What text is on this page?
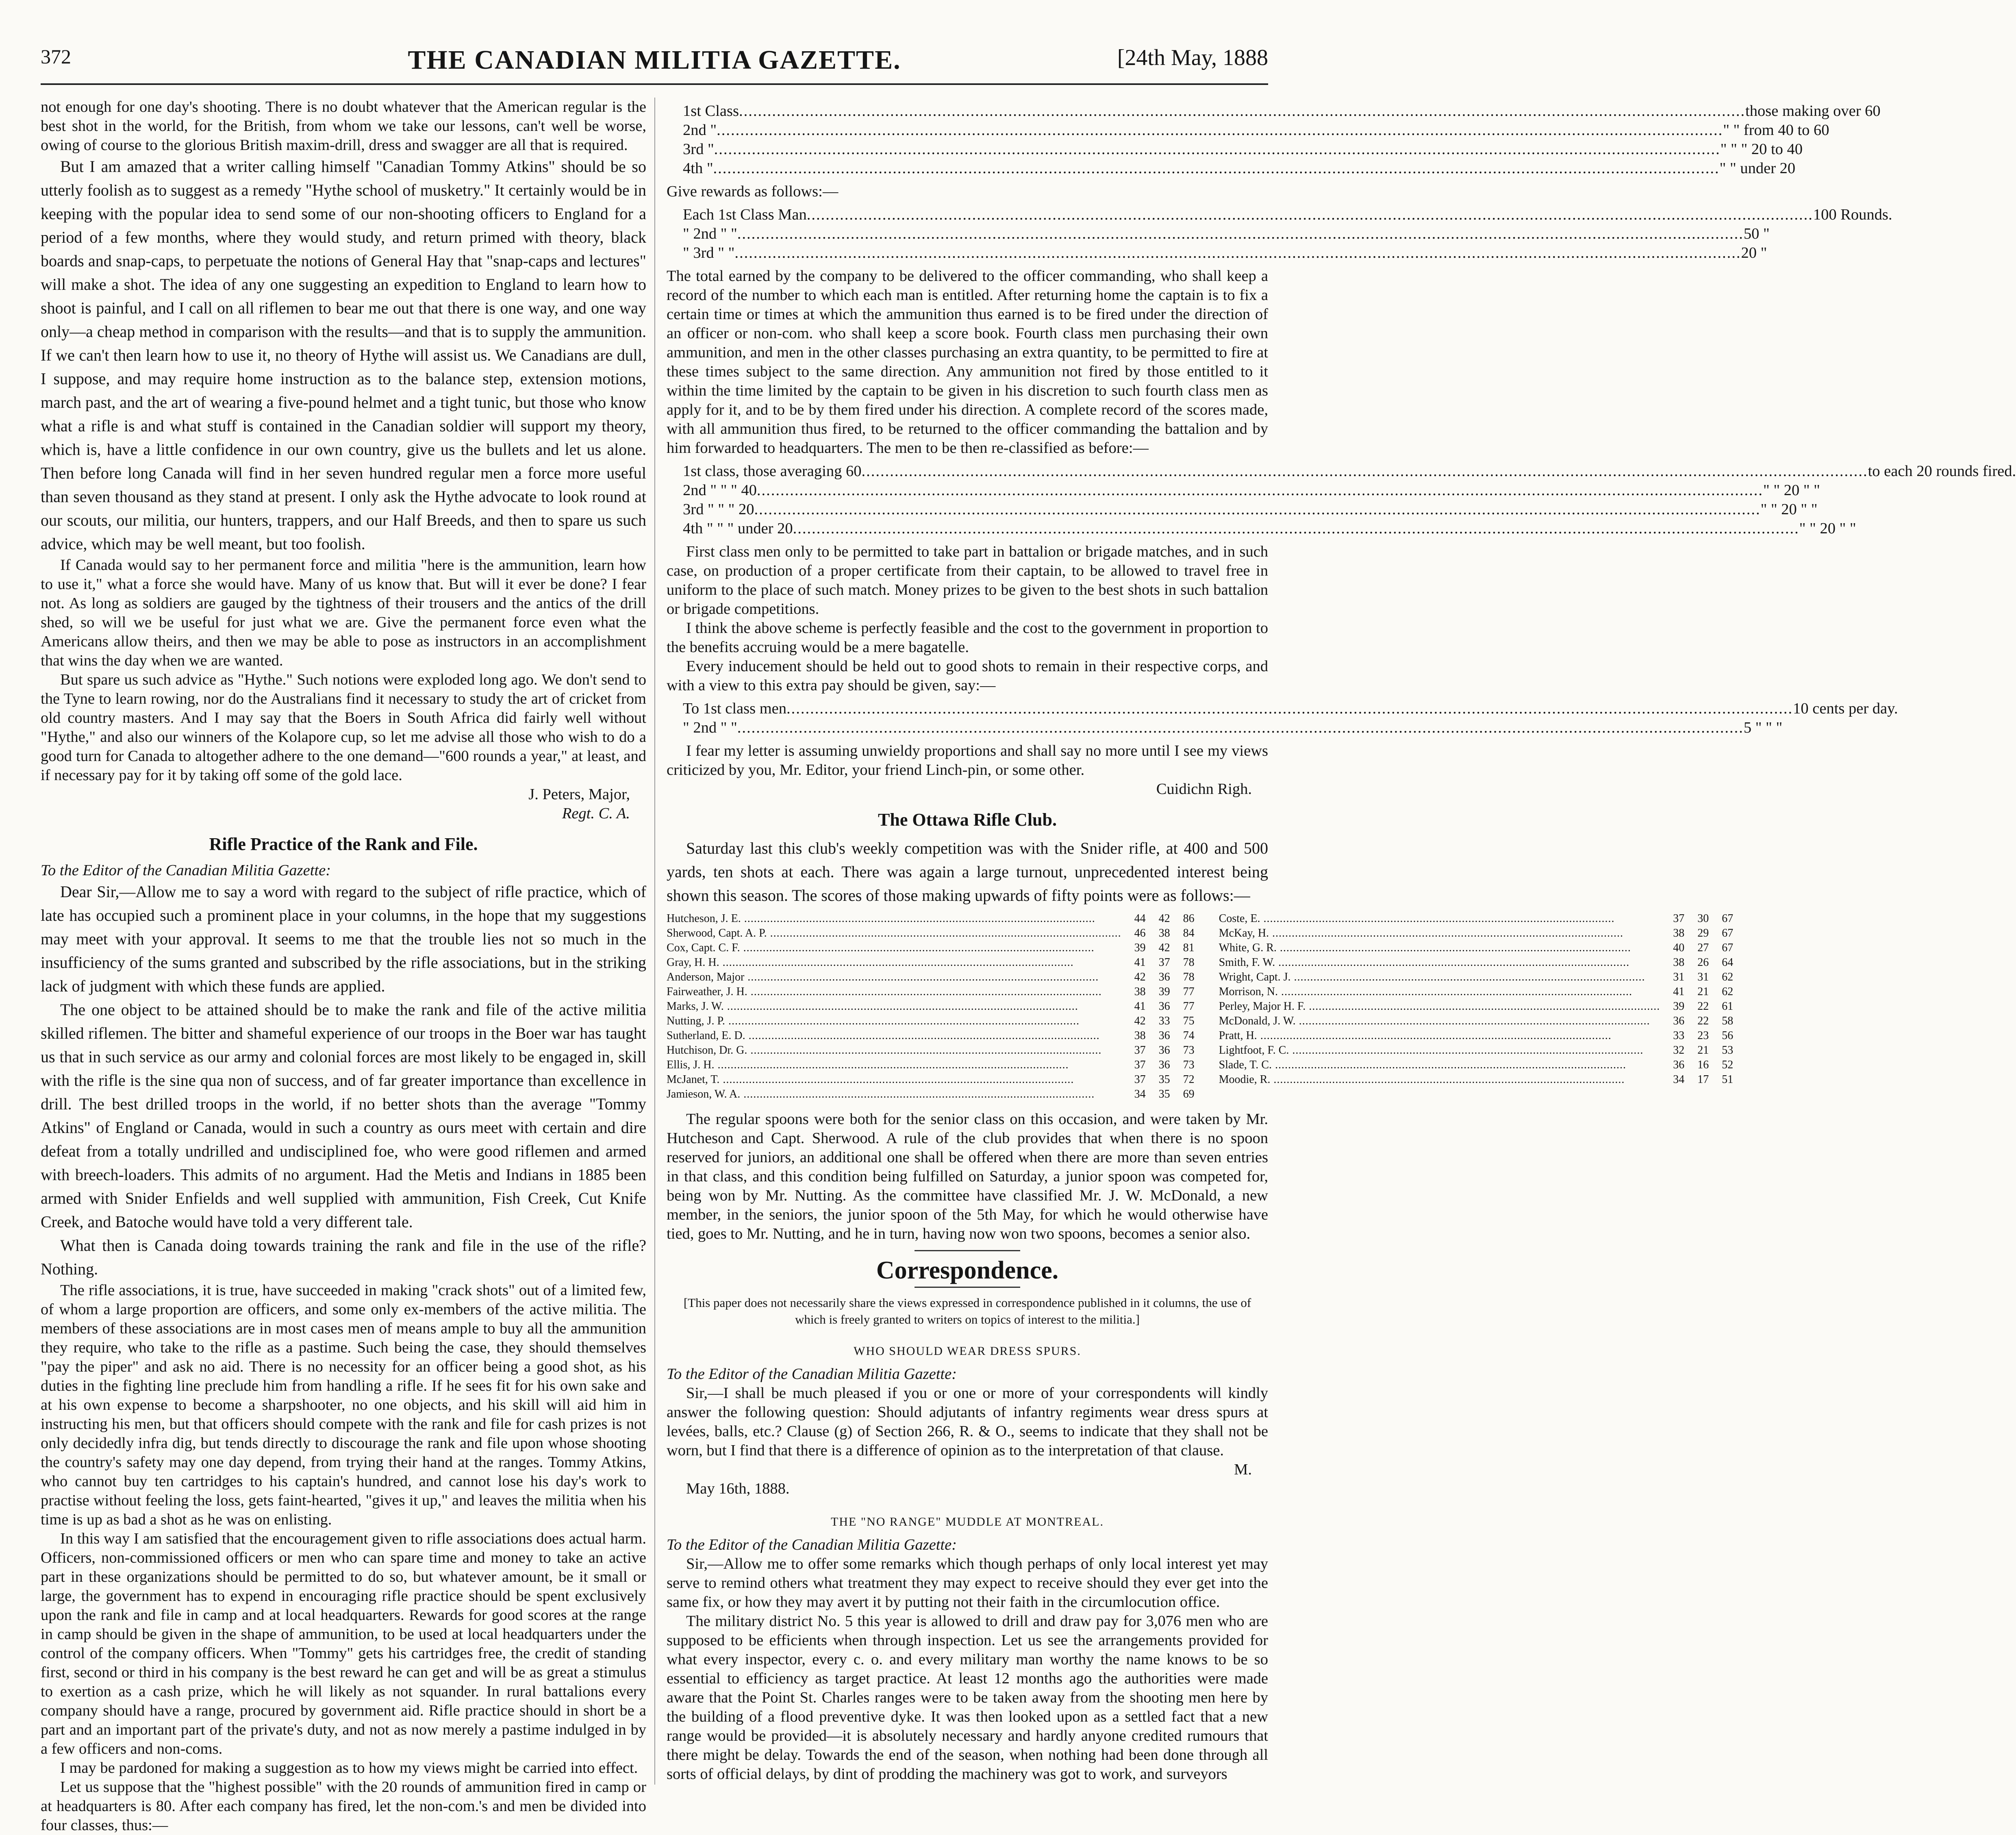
372	THE CANADIAN MILITIA GAZETTE.	[24th May, 1888

not enough for one day's shooting. There is no doubt whatever that the American regular is the best shot in the world, for the British, from whom we take our lessons, can't well be worse, owing of course to the glorious British maxim-drill, dress and swagger are all that is required.

But I am amazed that a writer calling himself "Canadian Tommy Atkins" should be so utterly foolish as to suggest as a remedy "Hythe school of musketry." It certainly would be in keeping with the popular idea to send some of our non-shooting officers to England for a period of a few months, where they would study, and return primed with theory, black boards and snap-caps, to perpetuate the notions of General Hay that "snap-caps and lectures" will make a shot. The idea of any one suggesting an expedition to England to learn how to shoot is painful, and I call on all riflemen to bear me out that there is one way, and one way only—a cheap method in comparison with the results—and that is to supply the ammunition. If we can't then learn how to use it, no theory of Hythe will assist us. We Canadians are dull, I suppose, and may require home instruction as to the balance step, extension motions, march past, and the art of wearing a five-pound helmet and a tight tunic, but those who know what a rifle is and what stuff is contained in the Canadian soldier will support my theory, which is, have a little confidence in our own country, give us the bullets and let us alone. Then before long Canada will find in her seven hundred regular men a force more useful than seven thousand as they stand at present. I only ask the Hythe advocate to look round at our scouts, our militia, our hunters, trappers, and our Half Breeds, and then to spare us such advice, which may be well meant, but too foolish.

If Canada would say to her permanent force and militia "here is the ammunition, learn how to use it," what a force she would have. Many of us know that. But will it ever be done? I fear not. As long as soldiers are gauged by the tightness of their trousers and the antics of the drill shed, so will we be useful for just what we are. Give the permanent force even what the Americans allow theirs, and then we may be able to pose as instructors in an accomplishment that wins the day when we are wanted.

But spare us such advice as "Hythe." Such notions were exploded long ago. We don't send to the Tyne to learn rowing, nor do the Australians find it necessary to study the art of cricket from old country masters. And I may say that the Boers in South Africa did fairly well without "Hythe," and also our winners of the Kolapore cup, so let me advise all those who wish to do a good turn for Canada to altogether adhere to the one demand—"600 rounds a year," at least, and if necessary pay for it by taking off some of the gold lace.

J. Peters, Major,
Regt. C. A.
Rifle Practice of the Rank and File.

To the Editor of the Canadian Militia Gazette:

Dear Sir,—Allow me to say a word with regard to the subject of rifle practice, which of late has occupied such a prominent place in your columns, in the hope that my suggestions may meet with your approval. It seems to me that the trouble lies not so much in the insufficiency of the sums granted and subscribed by the rifle associations, but in the striking lack of judgment with which these funds are applied.

The one object to be attained should be to make the rank and file of the active militia skilled riflemen. The bitter and shameful experience of our troops in the Boer war has taught us that in such service as our army and colonial forces are most likely to be engaged in, skill with the rifle is the sine qua non of success, and of far greater importance than excellence in drill. The best drilled troops in the world, if no better shots than the average "Tommy Atkins" of England or Canada, would in such a country as ours meet with certain and dire defeat from a totally undrilled and undisciplined foe, who were good riflemen and armed with breech-loaders. This admits of no argument. Had the Metis and Indians in 1885 been armed with Snider Enfields and well supplied with ammunition, Fish Creek, Cut Knife Creek, and Batoche would have told a very different tale.

What then is Canada doing towards training the rank and file in the use of the rifle? Nothing.

The rifle associations, it is true, have succeeded in making "crack shots" out of a limited few, of whom a large proportion are officers, and some only ex-members of the active militia. The members of these associations are in most cases men of means ample to buy all the ammunition they require, who take to the rifle as a pastime. Such being the case, they should themselves "pay the piper" and ask no aid. There is no necessity for an officer being a good shot, as his duties in the fighting line preclude him from handling a rifle. If he sees fit for his own sake and at his own expense to become a sharpshooter, no one objects, and his skill will aid him in instructing his men, but that officers should compete with the rank and file for cash prizes is not only decidedly infra dig, but tends directly to discourage the rank and file upon whose shooting the country's safety may one day depend, from trying their hand at the ranges. Tommy Atkins, who cannot buy ten cartridges to his captain's hundred, and cannot lose his day's work to practise without feeling the loss, gets faint-hearted, "gives it up," and leaves the militia when his time is up as bad a shot as he was on enlisting.

In this way I am satisfied that the encouragement given to rifle associations does actual harm. Officers, non-commissioned officers or men who can spare time and money to take an active part in these organizations should be permitted to do so, but whatever amount, be it small or large, the government has to expend in encouraging rifle practice should be spent exclusively upon the rank and file in camp and at local headquarters. Rewards for good scores at the range in camp should be given in the shape of ammunition, to be used at local headquarters under the control of the company officers. When "Tommy" gets his cartridges free, the credit of standing first, second or third in his company is the best reward he can get and will be as great a stimulus to exertion as a cash prize, which he will likely as not squander. In rural battalions every company should have a range, procured by government aid. Rifle practice should in short be a part and an important part of the private's duty, and not as now merely a pastime indulged in by a few officers and non-coms.

I may be pardoned for making a suggestion as to how my views might be carried into effect.

Let us suppose that the "highest possible" with the 20 rounds of ammunition fired in camp or at headquarters is 80. After each company has fired, let the non-com.'s and men be divided into four classes, thus:—

1st Class .....	those making over 60
2nd " .....	" " from 40 to 60
3rd " .....	" " " 20 to 40
4th " .....	" " under 20

Give rewards as follows:—

Each 1st Class Man .....	100 Rounds.
" 2nd " " .....	50 "
" 3rd " " .....	20 "

The total earned by the company to be delivered to the officer commanding, who shall keep a record of the number to which each man is entitled. After returning home the captain is to fix a certain time or times at which the ammunition thus earned is to be fired under the direction of an officer or non-com. who shall keep a score book. Fourth class men purchasing their own ammunition, and men in the other classes purchasing an extra quantity, to be permitted to fire at these times subject to the same direction. Any ammunition not fired by those entitled to it within the time limited by the captain to be given in his discretion to such fourth class men as apply for it, and to be by them fired under his direction. A complete record of the scores made, with all ammunition thus fired, to be returned to the officer commanding the battalion and by him forwarded to headquarters. The men to be then re-classified as before:—

1st class, those averaging 60 .....	to each 20 rounds fired.
2nd " " " 40 .....	" " 20 " "
3rd " " " 20 .....	" " 20 " "
4th " " " under 20 .....	" " 20 " "

First class men only to be permitted to take part in battalion or brigade matches, and in such case, on production of a proper certificate from their captain, to be allowed to travel free in uniform to the place of such match. Money prizes to be given to the best shots in such battalion or brigade competitions.

I think the above scheme is perfectly feasible and the cost to the government in proportion to the benefits accruing would be a mere bagatelle.

Every inducement should be held out to good shots to remain in their respective corps, and with a view to this extra pay should be given, say:—

To 1st class men .....	10 cents per day.
" 2nd " " .....	5 " " "

I fear my letter is assuming unwieldy proportions and shall say no more until I see my views criticized by you, Mr. Editor, your friend Linch-pin, or some other.

Cuidichn Righ.
The Ottawa Rifle Club.

Saturday last this club's weekly competition was with the Snider rifle, at 400 and 500 yards, ten shots at each. There was again a large turnout, unprecedented interest being shown this season. The scores of those making upwards of fifty points were as follows:—

Hutcheson, J. E. .....	44	42	86
Sherwood, Capt. A. P. .....	46	38	84
Cox, Capt. C. F. .....	39	42	81
Gray, H. H. .....	41	37	78
Anderson, Major .....	42	36	78
Fairweather, J. H. .....	38	39	77
Marks, J. W. .....	41	36	77
Nutting, J. P. .....	42	33	75
Sutherland, E. D. .....	38	36	74
Hutchison, Dr. G. .....	37	36	73
Ellis, J. H. .....	37	36	73
McJanet, T. .....	37	35	72
Jamieson, W. A. .....	34	35	69
Coste, E. .....	37	30	67
McKay, H. .....	38	29	67
White, G. R. .....	40	27	67
Smith, F. W. .....	38	26	64
Wright, Capt. J. .....	31	31	62
Morrison, N. .....	41	21	62
Perley, Major H. F. .....	39	22	61
McDonald, J. W. .....	36	22	58
Pratt, H. .....	33	23	56
Lightfoot, F. C. .....	32	21	53
Slade, T. C. .....	36	16	52
Moodie, R. .....	34	17	51

The regular spoons were both for the senior class on this occasion, and were taken by Mr. Hutcheson and Capt. Sherwood. A rule of the club provides that when there is no spoon reserved for juniors, an additional one shall be offered when there are more than seven entries in that class, and this condition being fulfilled on Saturday, a junior spoon was competed for, being won by Mr. Nutting. As the committee have classified Mr. J. W. McDonald, a new member, in the seniors, the junior spoon of the 5th May, for which he would otherwise have tied, goes to Mr. Nutting, and he in turn, having now won two spoons, becomes a senior also.

Correspondence.
[This paper does not necessarily share the views expressed in correspondence published in it columns, the use of which is freely granted to writers on topics of interest to the militia.]
WHO SHOULD WEAR DRESS SPURS.

To the Editor of the Canadian Militia Gazette:

Sir,—I shall be much pleased if you or one or more of your correspondents will kindly answer the following question: Should adjutants of infantry regiments wear dress spurs at levées, balls, etc.? Clause (g) of Section 266, R. & O., seems to indicate that they shall not be worn, but I find that there is a difference of opinion as to the interpretation of that clause.

M.

May 16th, 1888.

THE "NO RANGE" MUDDLE AT MONTREAL.

To the Editor of the Canadian Militia Gazette:

Sir,—Allow me to offer some remarks which though perhaps of only local interest yet may serve to remind others what treatment they may expect to receive should they ever get into the same fix, or how they may avert it by putting not their faith in the circumlocution office.

The military district No. 5 this year is allowed to drill and draw pay for 3,076 men who are supposed to be efficients when through inspection. Let us see the arrangements provided for what every inspector, every c. o. and every military man worthy the name knows to be so essential to efficiency as target practice. At least 12 months ago the authorities were made aware that the Point St. Charles ranges were to be taken away from the shooting men here by the building of a flood preventive dyke. It was then looked upon as a settled fact that a new range would be provided—it is absolutely necessary and hardly anyone credited rumours that there might be delay. Towards the end of the season, when nothing had been done through all sorts of official delays, by dint of prodding the machinery was got to work, and surveyors
